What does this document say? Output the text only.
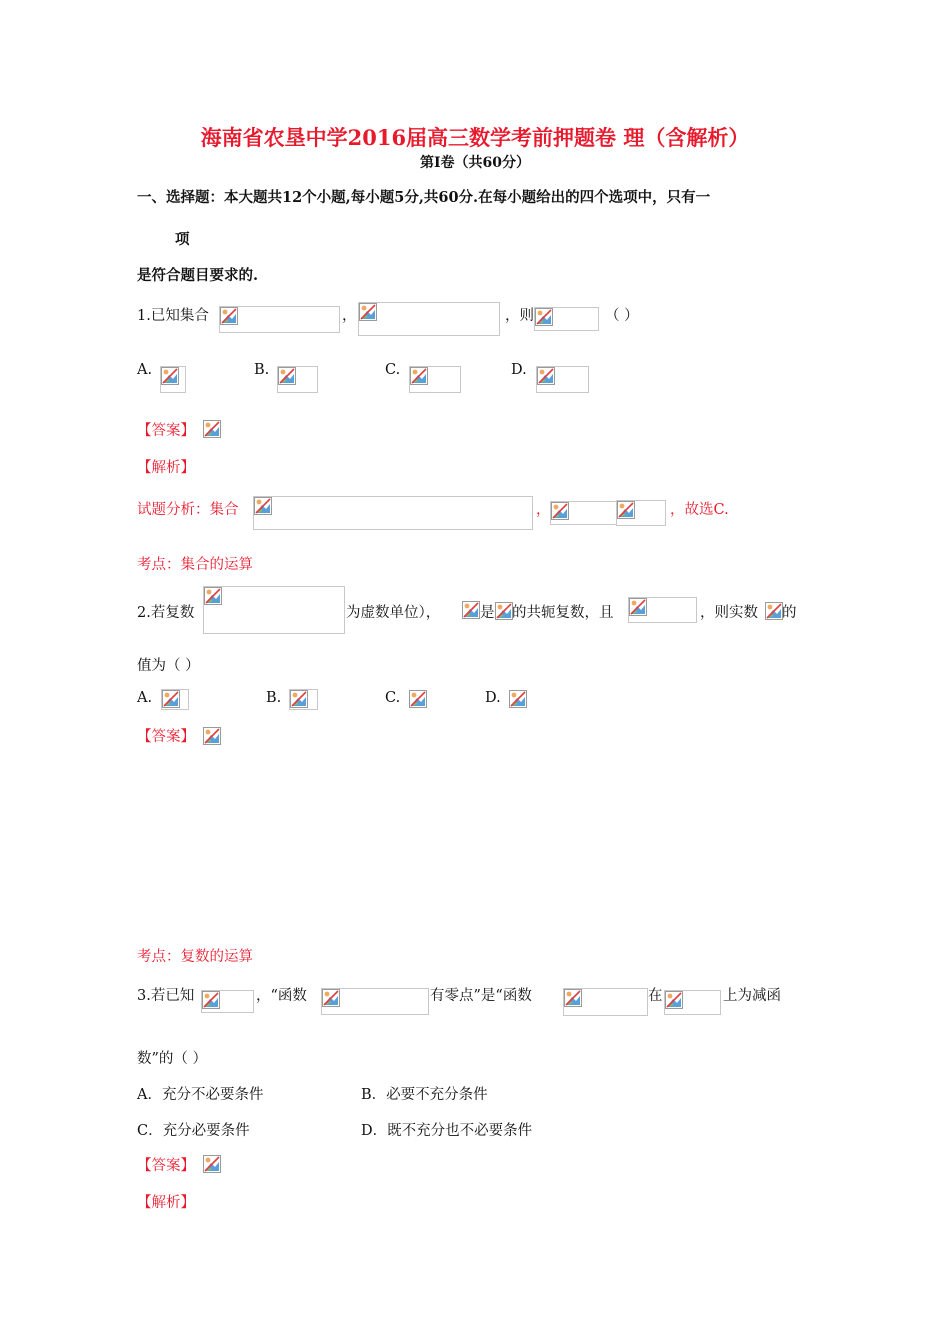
海南省农垦中学2016届高三数学考前押题卷 理（含解析）
第Ⅰ卷（共60分）
一、选择题：本大题共12个小题,每小题5分,共60分.在每小题给出的四个选项中，只有一
项
是符合题目要求的.
1.已知集合	，	，则	（ ）
A.	B.	C.	D.
【答案】
【解析】
试题分析：集合	，	，故选C.
考点：集合的运算
2.若复数	为虚数单位），	是 的共轭复数，且	，则实数 的
值为（ ）
A.	B.	C.	D.
【答案】
考点：复数的运算
3.若已知	，“函数	有零点”是“函数	在	上为减函
数”的（ ）
A．充分不必要条件	B．必要不充分条件
C．充分必要条件	D．既不充分也不必要条件
【答案】
【解析】
